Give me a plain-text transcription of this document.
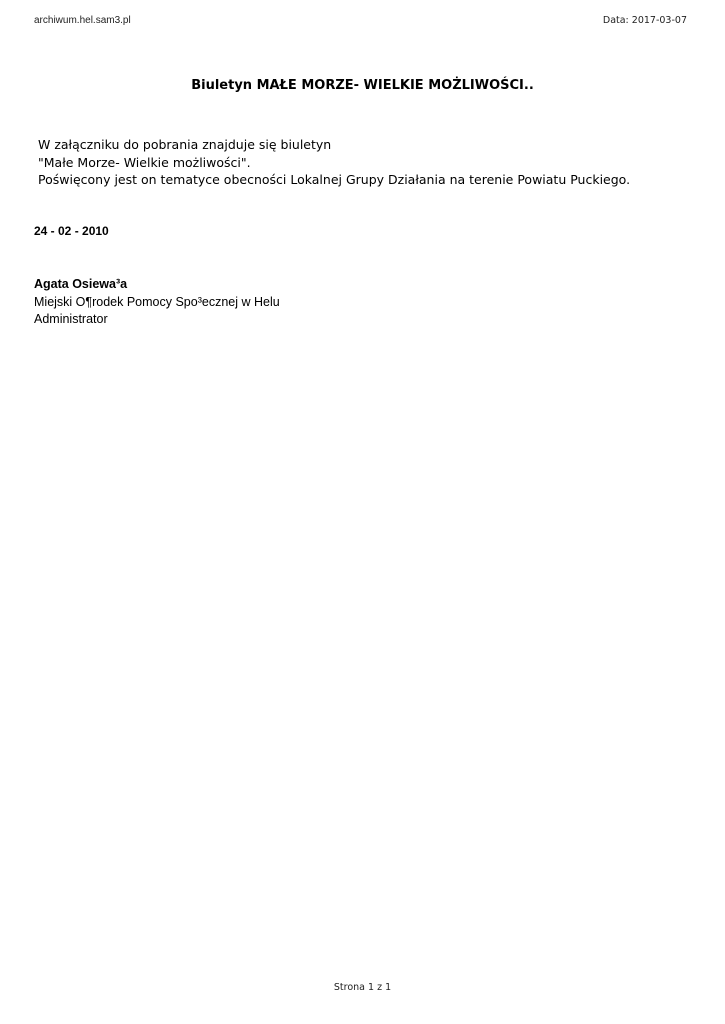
archiwum.hel.sam3.pl	Data: 2017-03-07
Biuletyn MAŁE MORZE- WIELKIE MOŻLIWOŚCI..
W załączniku do pobrania znajduje się biuletyn
"Małe Morze- Wielkie możliwości".
Poświęcony jest on tematyce obecności Lokalnej Grupy Działania na terenie Powiatu Puckiego.
24 - 02 - 2010
Agata Osiewa³a
Miejski O¶rodek Pomocy Spo³ecznej w Helu
Administrator
Strona 1 z 1
